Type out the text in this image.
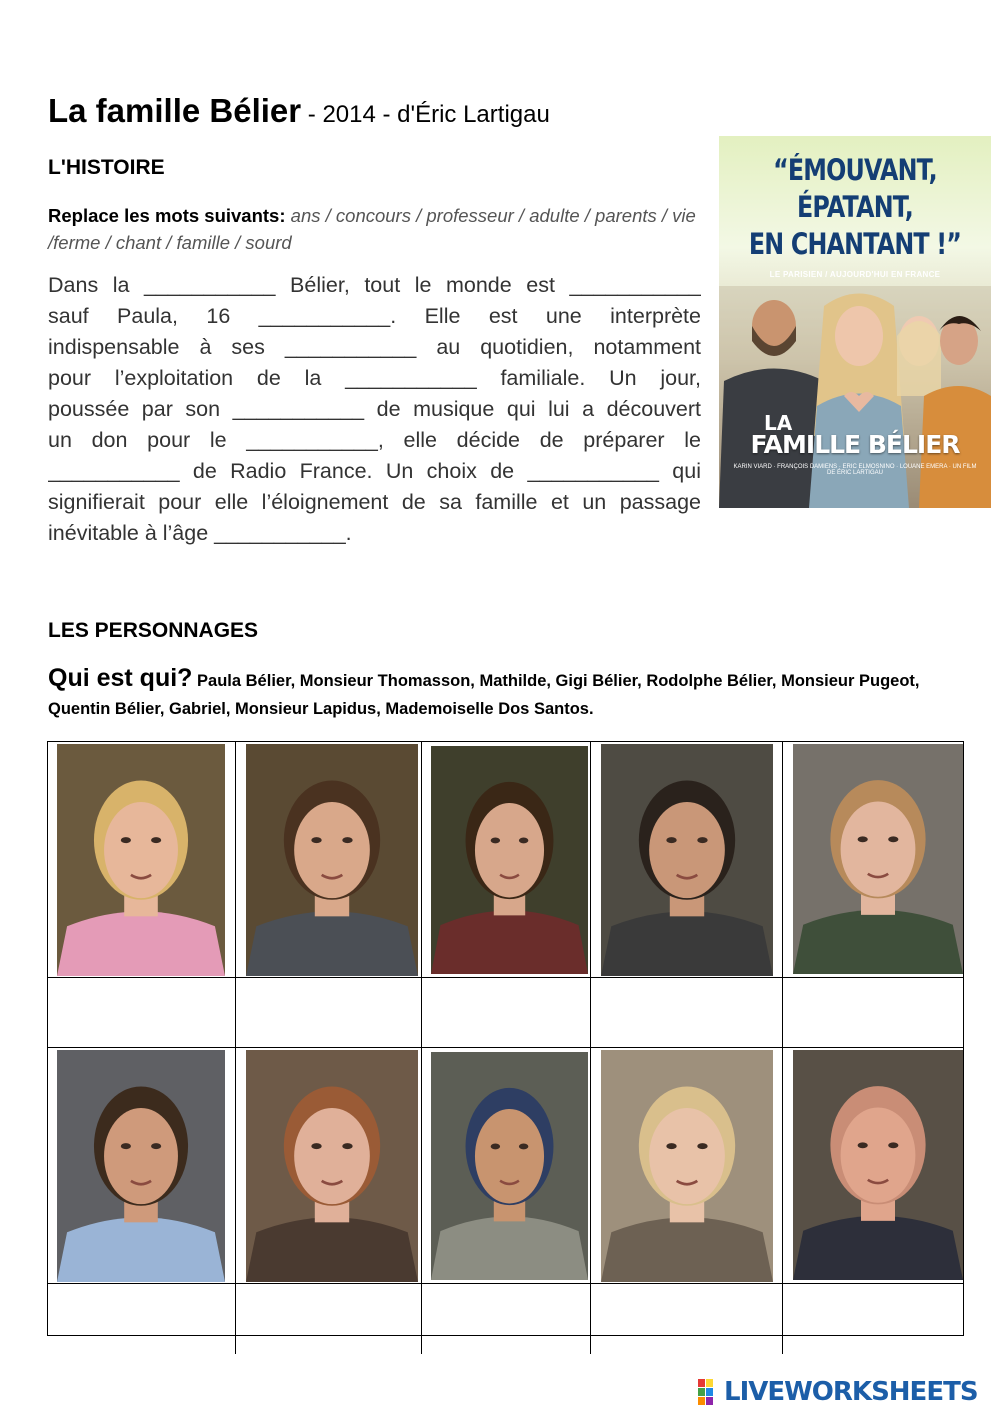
La famille Bélier - 2014 - d'Éric Lartigau
L'HISTOIRE
Replace les mots suivants: ans / concours / professeur / adulte / parents / vie /ferme / chant / famille / sourd
Dans la ___________ Bélier, tout le monde est ___________
sauf Paula, 16 ___________. Elle est une interprète
indispensable à ses ___________ au quotidien, notamment
pour l’exploitation de la ___________ familiale. Un jour,
poussée par son ___________ de musique qui lui a découvert
un don pour le ___________, elle décide de préparer le
___________ de Radio France. Un choix de ___________ qui
signifierait pour elle l’éloignement de sa famille et un passage
inévitable à l’âge ___________.
“ÉMOUVANT,
ÉPATANT,
EN CHANTANT !”
LE PARISIEN / AUJOURD'HUI EN FRANCE
LA
FAMILLE BÉLIER
KARIN VIARD · FRANÇOIS DAMIENS · ERIC ELMOSNINO · LOUANE EMERA · UN FILM DE ÉRIC LARTIGAU
LES PERSONNAGES
Qui est qui? Paula Bélier, Monsieur Thomasson, Mathilde, Gigi Bélier, Rodolphe Bélier, Monsieur Pugeot, Quentin Bélier, Gabriel, Monsieur Lapidus, Mademoiselle Dos Santos.
LIVEWORKSHEETS
